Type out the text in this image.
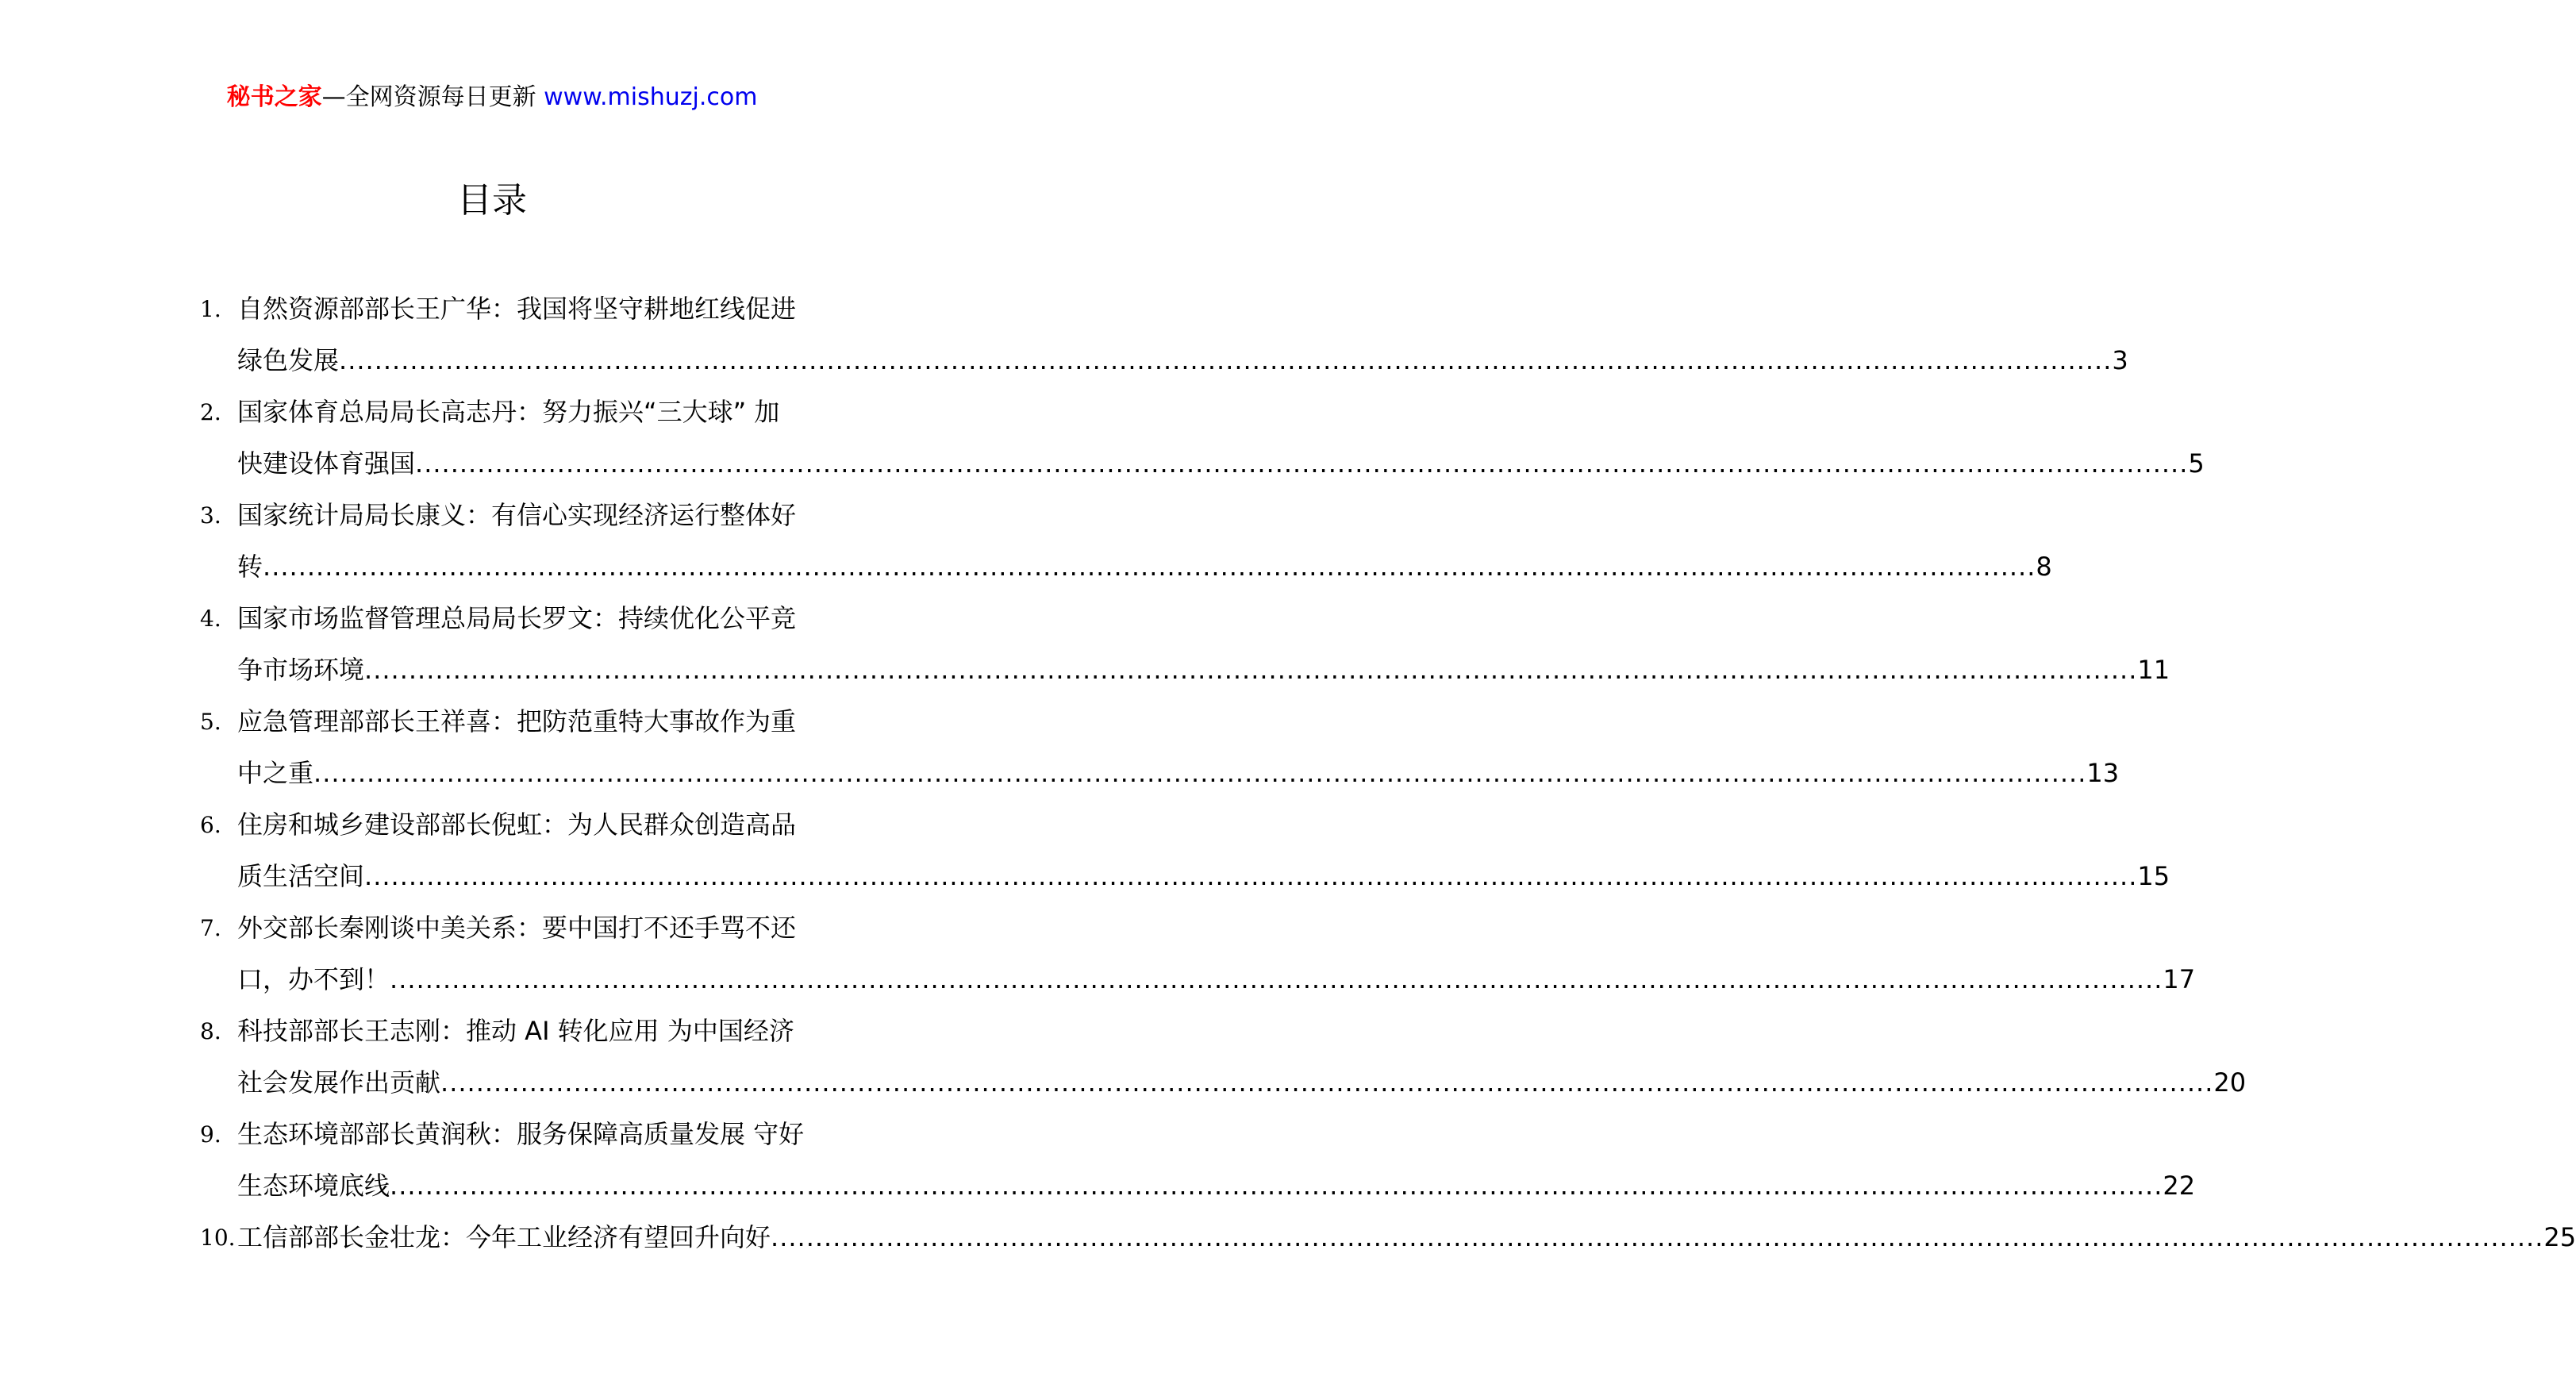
秘书之家—全网资源每日更新 www.mishuzj.com
目录
1. 自然资源部部长王广华：我国将坚守耕地红线促进
绿色发展 ........................................................................................................................................................................................................ 3
2. 国家体育总局局长高志丹：努力振兴“三大球” 加
快建设体育强国 ........................................................................................................................................................................................................ 5
3. 国家统计局局长康义：有信心实现经济运行整体好
转 ........................................................................................................................................................................................................ 8
4. 国家市场监督管理总局局长罗文：持续优化公平竞
争市场环境 ........................................................................................................................................................................................................ 11
5. 应急管理部部长王祥喜：把防范重特大事故作为重
中之重 ........................................................................................................................................................................................................ 13
6. 住房和城乡建设部部长倪虹：为人民群众创造高品
质生活空间 ........................................................................................................................................................................................................ 15
7. 外交部长秦刚谈中美关系：要中国打不还手骂不还
口，办不到！ ........................................................................................................................................................................................................ 17
8. 科技部部长王志刚：推动 AI 转化应用 为中国经济
社会发展作出贡献 ........................................................................................................................................................................................................ 20
9. 生态环境部部长黄润秋：服务保障高质量发展 守好
生态环境底线 ........................................................................................................................................................................................................ 22
10. 工信部部长金壮龙：今年工业经济有望回升向好 ........................................................................................................................................................................................................ 25
